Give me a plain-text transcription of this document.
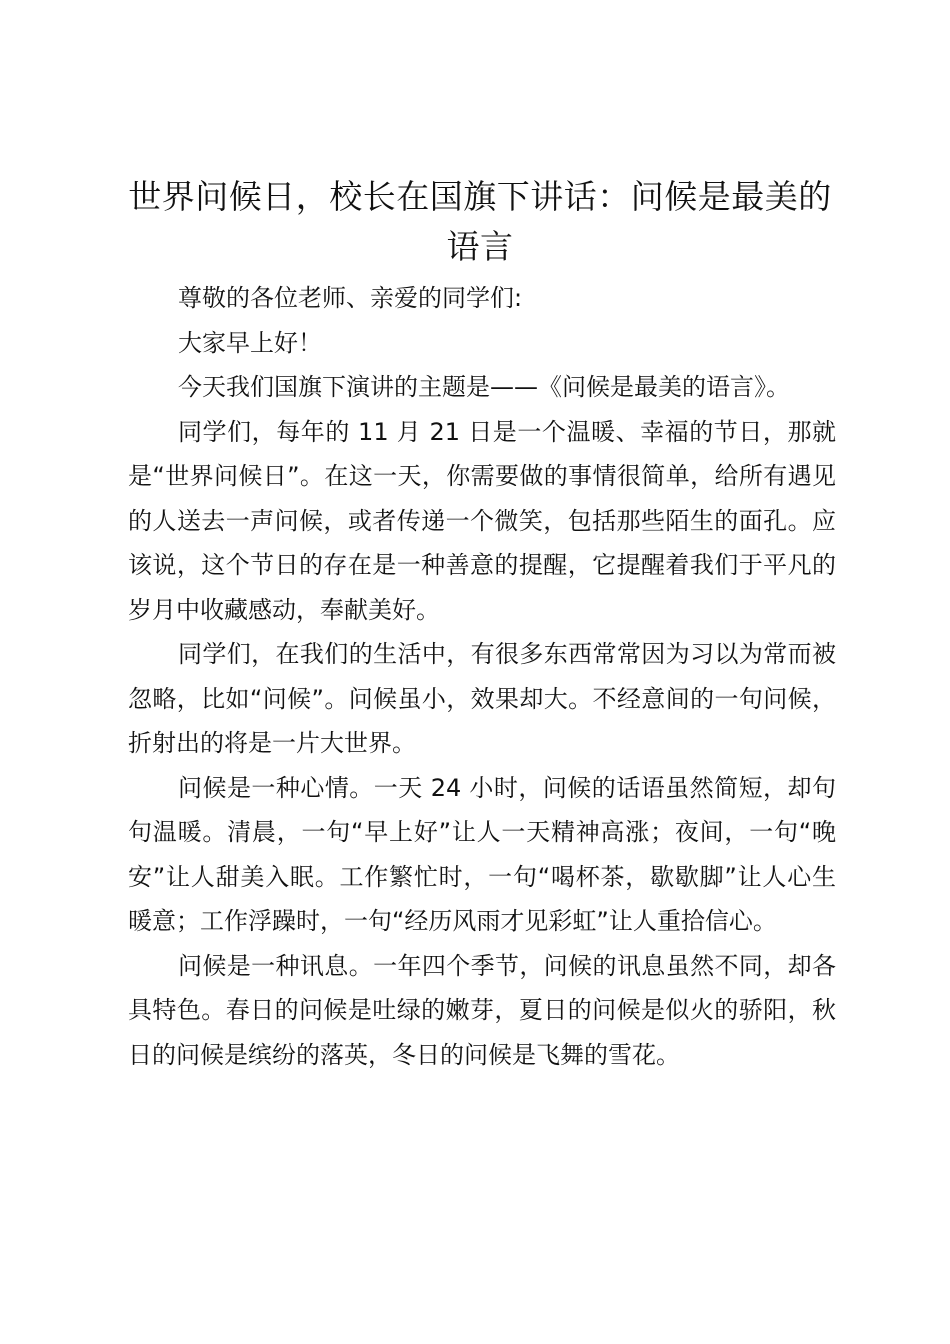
世界问候日，校长在国旗下讲话：问候是最美的语言

尊敬的各位老师、亲爱的同学们:

大家早上好！

今天我们国旗下演讲的主题是——《问候是最美的语言》。

同学们，每年的 11 月 21 日是一个温暖、幸福的节日，那就是“世界问候日”。在这一天，你需要做的事情很简单，给所有遇见的人送去一声问候，或者传递一个微笑，包括那些陌生的面孔。应该说，这个节日的存在是一种善意的提醒，它提醒着我们于平凡的岁月中收藏感动，奉献美好。

同学们，在我们的生活中，有很多东西常常因为习以为常而被忽略，比如“问候”。问候虽小，效果却大。不经意间的一句问候，折射出的将是一片大世界。

问候是一种心情。一天 24 小时，问候的话语虽然简短，却句句温暖。清晨，一句“早上好”让人一天精神高涨；夜间，一句“晚安”让人甜美入眠。工作繁忙时，一句“喝杯茶，歇歇脚”让人心生暖意；工作浮躁时，一句“经历风雨才见彩虹”让人重拾信心。

问候是一种讯息。一年四个季节，问候的讯息虽然不同，却各具特色。春日的问候是吐绿的嫩芽，夏日的问候是似火的骄阳，秋日的问候是缤纷的落英，冬日的问候是飞舞的雪花。
